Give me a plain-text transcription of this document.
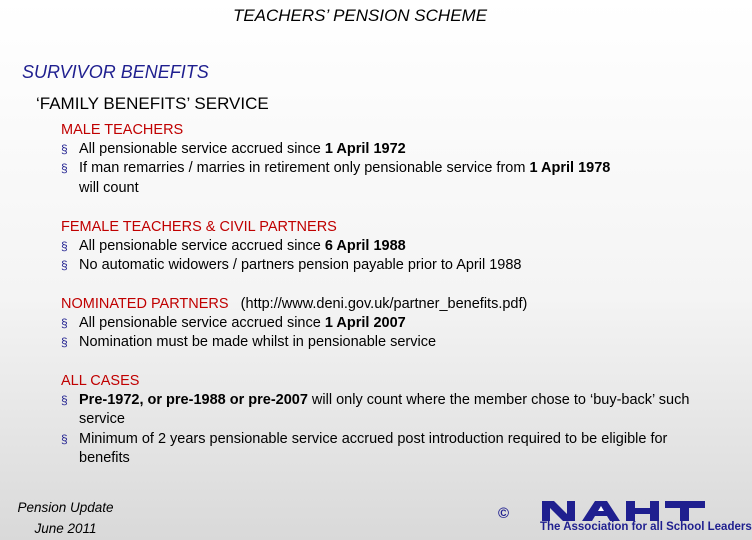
TEACHERS’ PENSION SCHEME
SURVIVOR BENEFITS
‘FAMILY BENEFITS’ SERVICE
MALE TEACHERS
§ All pensionable service accrued since 1 April 1972
§ If man remarries / marries in retirement only pensionable service from 1 April 1978
will count
FEMALE TEACHERS & CIVIL PARTNERS
§ All pensionable service accrued since 6 April 1988
§ No automatic widowers / partners pension payable prior to April 1988
NOMINATED PARTNERS (http://www.deni.gov.uk/partner_benefits.pdf)
§ All pensionable service accrued since 1 April 2007
§ Nomination must be made whilst in pensionable service
ALL CASES
§ Pre-1972, or pre-1988 or pre-2007 will only count where the member chose to ‘buy-back’ such service
§ Minimum of 2 years pensionable service accrued post introduction required to be eligible for benefits
Pension Update
June 2011
©
The Association for all School Leaders
